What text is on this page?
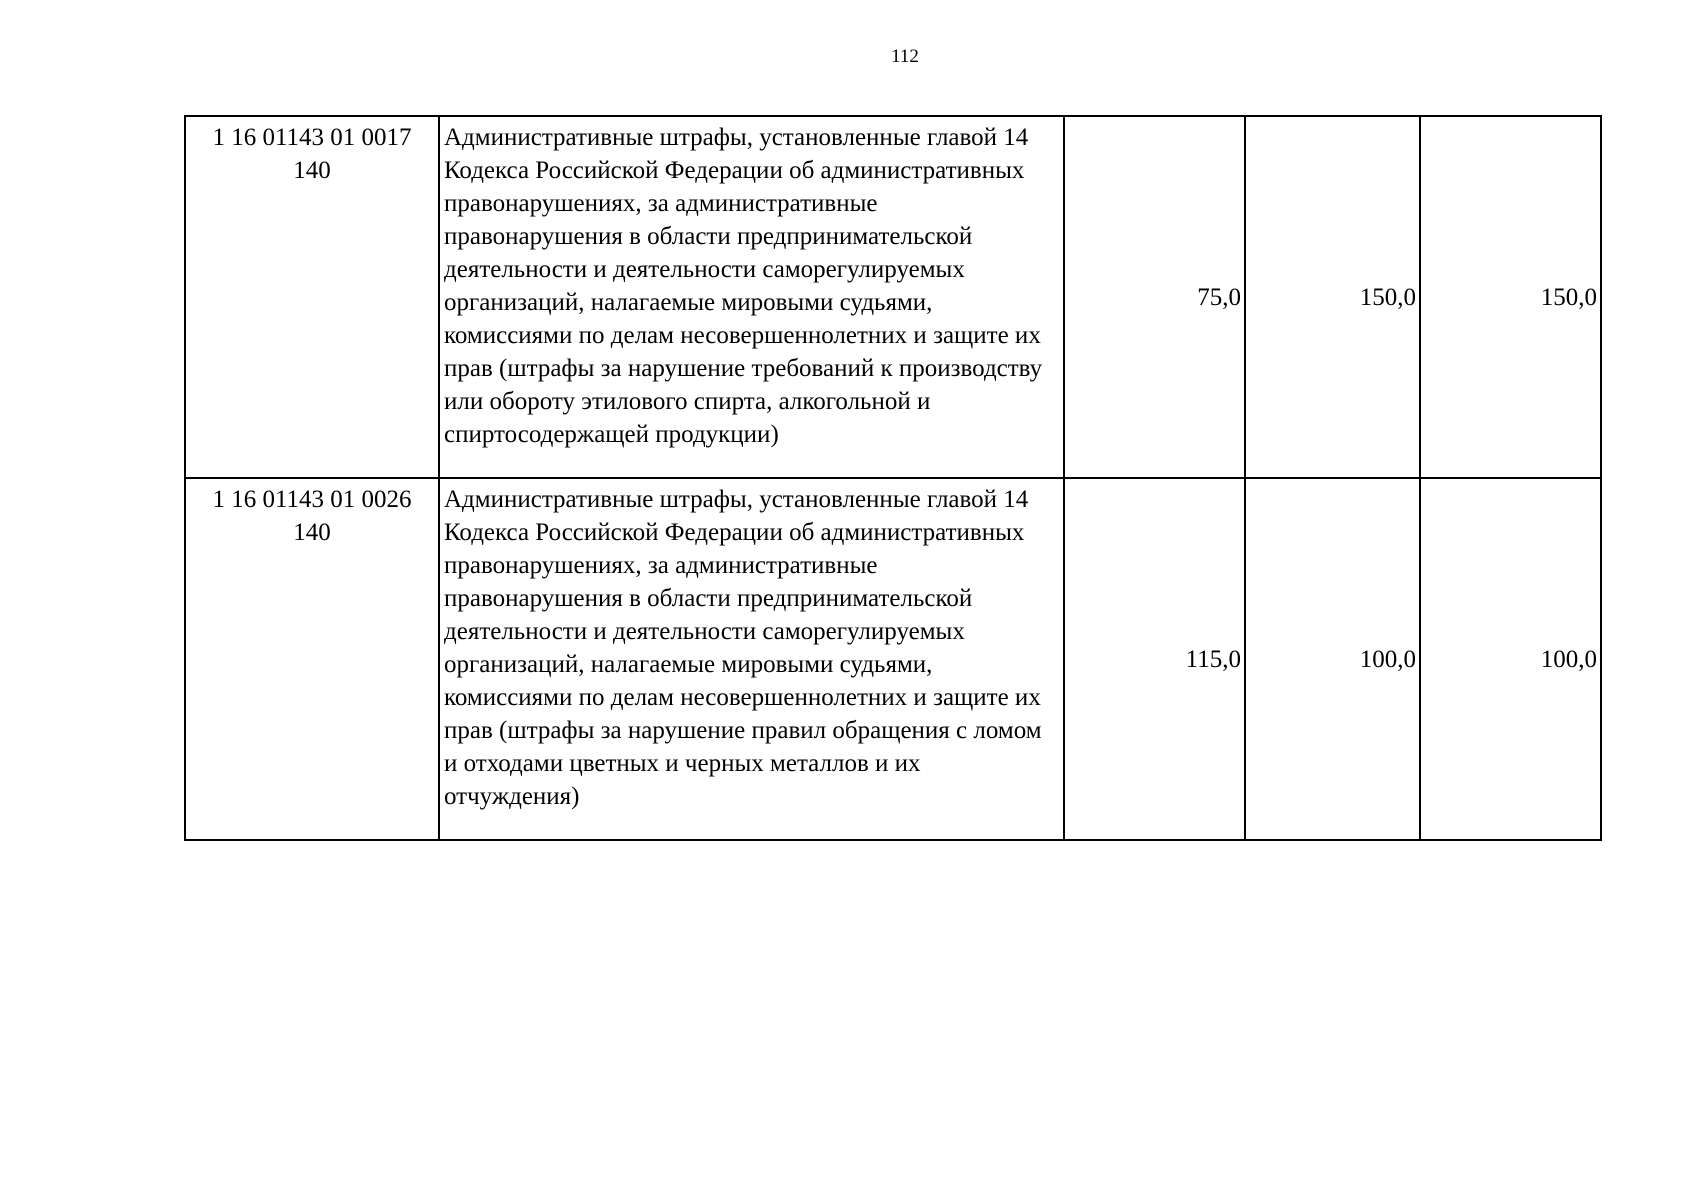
112
1 16 01143 01 0017
140	Административные штрафы, установленные главой 14 Кодекса Российской Федерации об административных правонарушениях, за административные правонарушения в области предпринимательской деятельности и деятельности саморегулируемых организаций, налагаемые мировыми судьями, комиссиями по делам несовершеннолетних и защите их прав (штрафы за нарушение требований к производству или обороту этилового спирта, алкогольной и спиртосодержащей продукции)	75,0	150,0	150,0

1 16 01143 01 0026
140	Административные штрафы, установленные главой 14 Кодекса Российской Федерации об административных правонарушениях, за административные правонарушения в области предпринимательской деятельности и деятельности саморегулируемых организаций, налагаемые мировыми судьями, комиссиями по делам несовершеннолетних и защите их прав (штрафы за нарушение правил обращения с ломом и отходами цветных и черных металлов и их отчуждения)	115,0	100,0	100,0
